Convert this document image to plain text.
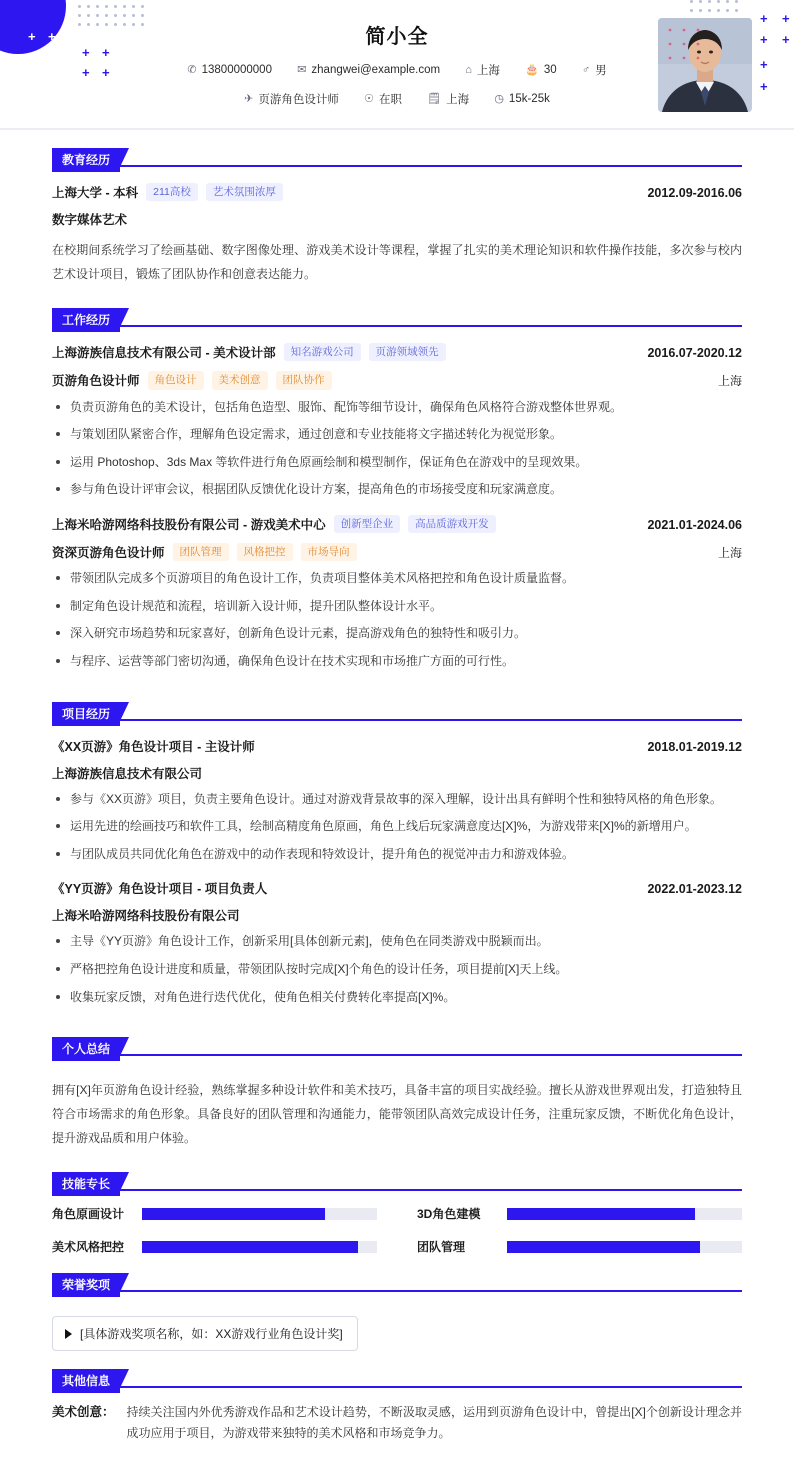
+ +
+ + + +
+ +
+ +
+ +
+
+
简小全
✆ 13800000000
✉ zhangwei@example.com
⌂ 上海
🎂 30
♂ 男
✈ 页游角色设计师
☉ 在职
🗒 上海
◷ 15k-25k
教育经历
上海大学 - 本科	211高校	艺术氛围浓厚	2012.09-2016.06
数字媒体艺术
在校期间系统学习了绘画基础、数字图像处理、游戏美术设计等课程，掌握了扎实的美术理论知识和软件操作技能，多次参与校内艺术设计项目，锻炼了团队协作和创意表达能力。
工作经历
上海游族信息技术有限公司 - 美术设计部	知名游戏公司	页游领域领先	2016.07-2020.12
页游角色设计师	角色设计	美术创意	团队协作	上海
负责页游角色的美术设计，包括角色造型、服饰、配饰等细节设计，确保角色风格符合游戏整体世界观。
与策划团队紧密合作，理解角色设定需求，通过创意和专业技能将文字描述转化为视觉形象。
运用 Photoshop、3ds Max 等软件进行角色原画绘制和模型制作，保证角色在游戏中的呈现效果。
参与角色设计评审会议，根据团队反馈优化设计方案，提高角色的市场接受度和玩家满意度。
上海米哈游网络科技股份有限公司 - 游戏美术中心	创新型企业	高品质游戏开发	2021.01-2024.06
资深页游角色设计师	团队管理	风格把控	市场导向	上海
带领团队完成多个页游项目的角色设计工作，负责项目整体美术风格把控和角色设计质量监督。
制定角色设计规范和流程，培训新入设计师，提升团队整体设计水平。
深入研究市场趋势和玩家喜好，创新角色设计元素，提高游戏角色的独特性和吸引力。
与程序、运营等部门密切沟通，确保角色设计在技术实现和市场推广方面的可行性。
项目经历
《XX页游》角色设计项目 - 主设计师	2018.01-2019.12
上海游族信息技术有限公司
参与《XX页游》项目，负责主要角色设计。通过对游戏背景故事的深入理解，设计出具有鲜明个性和独特风格的角色形象。
运用先进的绘画技巧和软件工具，绘制高精度角色原画，角色上线后玩家满意度达[X]%，为游戏带来[X]%的新增用户。
与团队成员共同优化角色在游戏中的动作表现和特效设计，提升角色的视觉冲击力和游戏体验。
《YY页游》角色设计项目 - 项目负责人	2022.01-2023.12
上海米哈游网络科技股份有限公司
主导《YY页游》角色设计工作，创新采用[具体创新元素]，使角色在同类游戏中脱颖而出。
严格把控角色设计进度和质量，带领团队按时完成[X]个角色的设计任务，项目提前[X]天上线。
收集玩家反馈，对角色进行迭代优化，使角色相关付费转化率提高[X]%。
个人总结
拥有[X]年页游角色设计经验，熟练掌握多种设计软件和美术技巧，具备丰富的项目实战经验。擅长从游戏世界观出发，打造独特且符合市场需求的角色形象。具备良好的团队管理和沟通能力，能带领团队高效完成设计任务，注重玩家反馈，不断优化角色设计，提升游戏品质和用户体验。
技能专长
角色原画设计	3D角色建模
美术风格把控	团队管理
荣誉奖项
[具体游戏奖项名称，如：XX游戏行业角色设计奖]
其他信息
美术创意： 持续关注国内外优秀游戏作品和艺术设计趋势，不断汲取灵感，运用到页游角色设计中，曾提出[X]个创新设计理念并成功应用于项目，为游戏带来独特的美术风格和市场竞争力。
